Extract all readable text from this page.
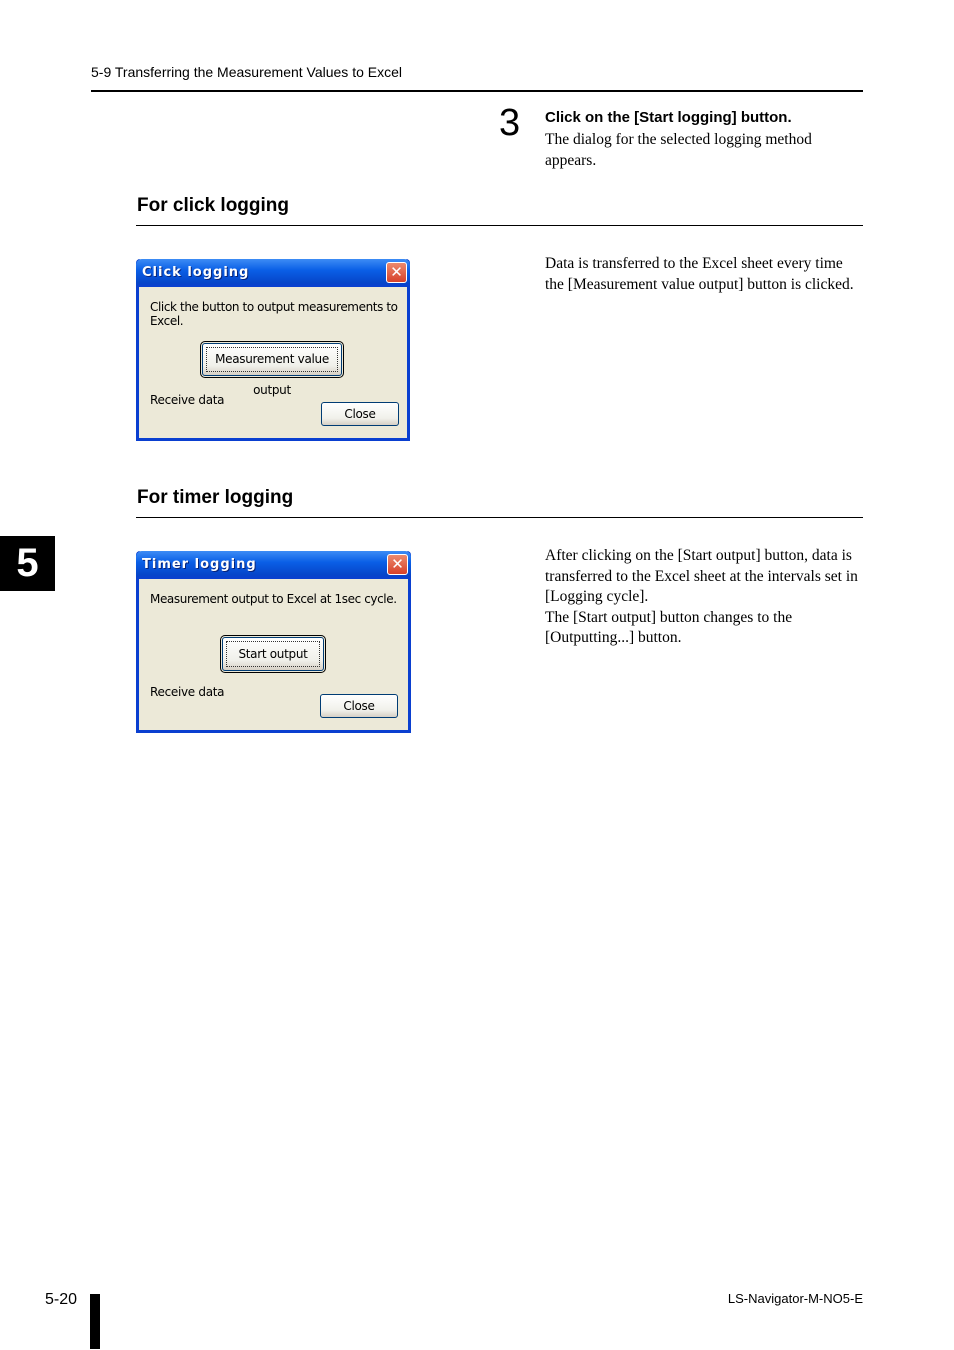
5-9 Transferring the Measurement Values to Excel
3 Click on the [Start logging] button.
The dialog for the selected logging method appears.
For click logging
Click logging	✕
Click the button to output measurements to Excel.
Measurement value output
Receive data
Close
Data is transferred to the Excel sheet every time the [Measurement value output] button is clicked.
For timer logging
Timer logging	✕
Measurement output to Excel at 1sec cycle.
Start output
Receive data
Close
After clicking on the [Start output] button, data is transferred to the Excel sheet at the intervals set in [Logging cycle].
The [Start output] button changes to the [Outputting...] button.
5
5-20	LS-Navigator-M-NO5-E
